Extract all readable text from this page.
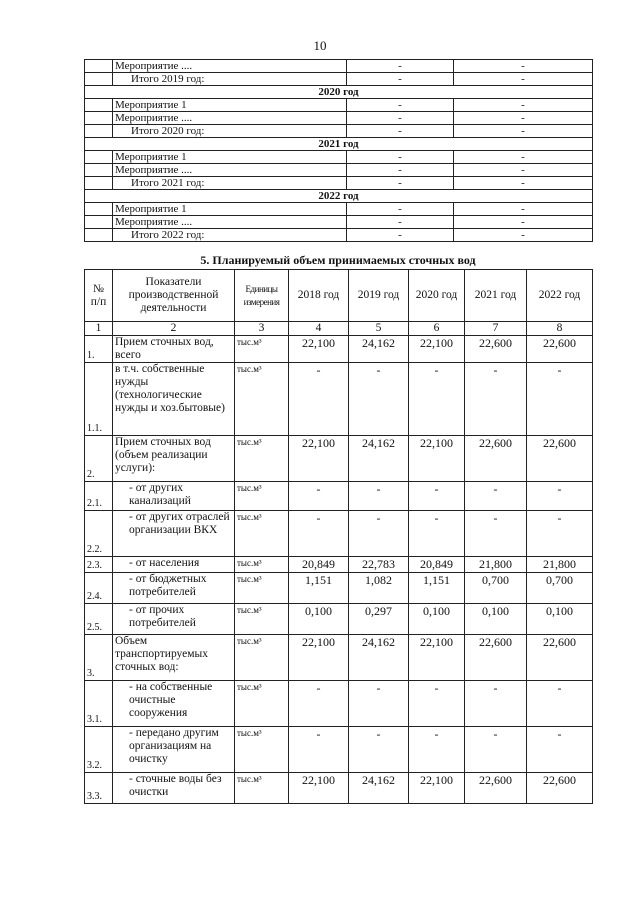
10
	Мероприятие ....	-	-
	Итого 2019 год:	-	-
2020 год			
	Мероприятие 1	-	-
	Мероприятие ....	-	-
	Итого 2020 год:	-	-
2021 год			
	Мероприятие 1	-	-
	Мероприятие ....	-	-
	Итого 2021 год:	-	-
2022 год			
	Мероприятие 1	-	-
	Мероприятие ....	-	-
	Итого 2022 год:	-	-
5. Планируемый объем принимаемых сточных вод
№ п/п	Показатели производственной деятельности	Единицы измерения	2018 год	2019 год	2020 год	2021 год	2022 год
1	2	3	4	5	6	7	8
1.	Прием сточных вод, всего	тыс.м³	22,100	24,162	22,100	22,600	22,600
1.1.	в т.ч. собственные нужды (технологические нужды и хоз.бытовые)	тыс.м³	-	-	-	-	-
2.	Прием сточных вод (объем реализации услуги):	тыс.м³	22,100	24,162	22,100	22,600	22,600
2.1.	- от других канализаций	тыс.м³	-	-	-	-	-
2.2.	- от других отраслей организации ВКХ	тыс.м³	-	-	-	-	-
2.3.	- от населения	тыс.м³	20,849	22,783	20,849	21,800	21,800
2.4.	- от бюджетных потребителей	тыс.м³	1,151	1,082	1,151	0,700	0,700
2.5.	- от прочих потребителей	тыс.м³	0,100	0,297	0,100	0,100	0,100
3.	Объем транспортируемых сточных вод:	тыс.м³	22,100	24,162	22,100	22,600	22,600
3.1.	- на собственные очистные сооружения	тыс.м³	-	-	-	-	-
3.2.	- передано другим организациям на очистку	тыс.м³	-	-	-	-	-
3.3.	- сточные воды без очистки	тыс.м³	22,100	24,162	22,100	22,600	22,600
